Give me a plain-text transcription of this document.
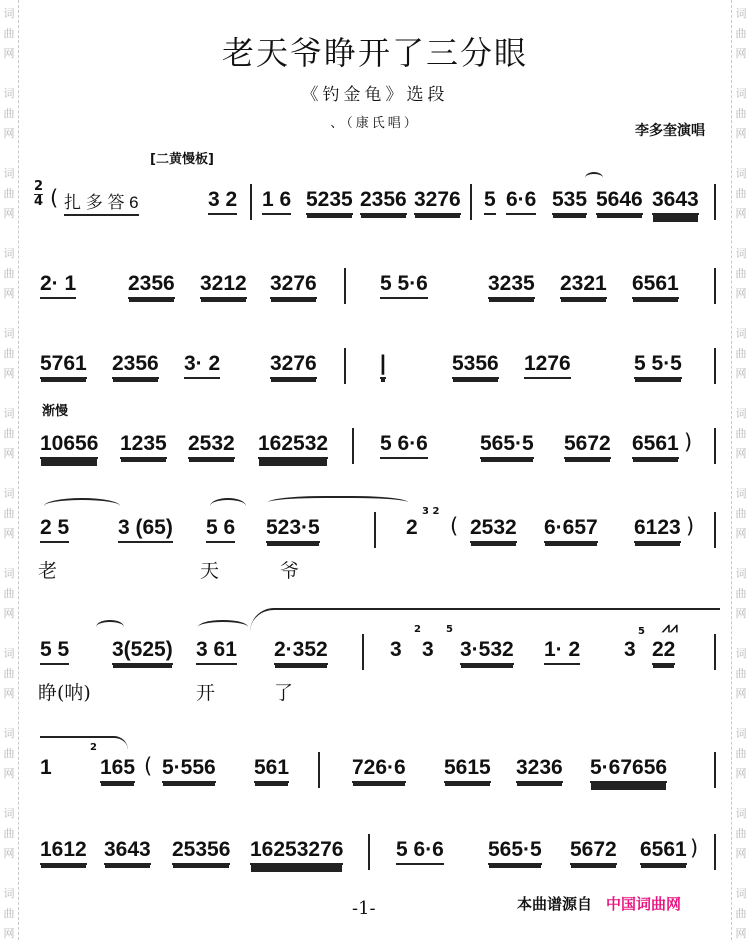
词
曲
网
词
曲
网
词
曲
网
词
曲
网
词
曲
网
词
曲
网
词
曲
网
词
曲
网
词
曲
网
词
曲
网
词
曲
网
词
曲
网
词
曲
网
词
曲
网
词
曲
网
词
曲
网
词
曲
网
词
曲
网
词
曲
网
词
曲
网
词
曲
网
词
曲
网
词
曲
网
词
曲
网
老天爷睁开了三分眼
《钓金龟》选段
、（康氏唱）	李多奎演唱
[二黄慢板]
$\frac{2}{4}$ ( 扎 多 答 6	3 2 1 6 5235 2356 3276 5 6·6 535 5646 3643
2· 1 2356 3212 3276	5 5·6	3235 2321 6561
5761 2356 3· 2 3276	|	5356 1276	5 5·5
渐慢
10656 1235 2532 162532 5 6·6 565·5 5672 6561 )
2 5 3 (65) 5 6 523·5	2
3 2
( 2532 6·657 6123 )
老	天	爷
5 5 3(525) 3 61 2·352	3
2
3
5
3·532 1· 2 3
5
22
⩘⩘
睁(呐)	开	了
1
2
165 ( 5·556 561	726·6 5615 3236 5·67656
1612 3643 25356 16253276	5 6·6 565·5 5672 6561 )
-1-	本曲谱源自 中国词曲网
